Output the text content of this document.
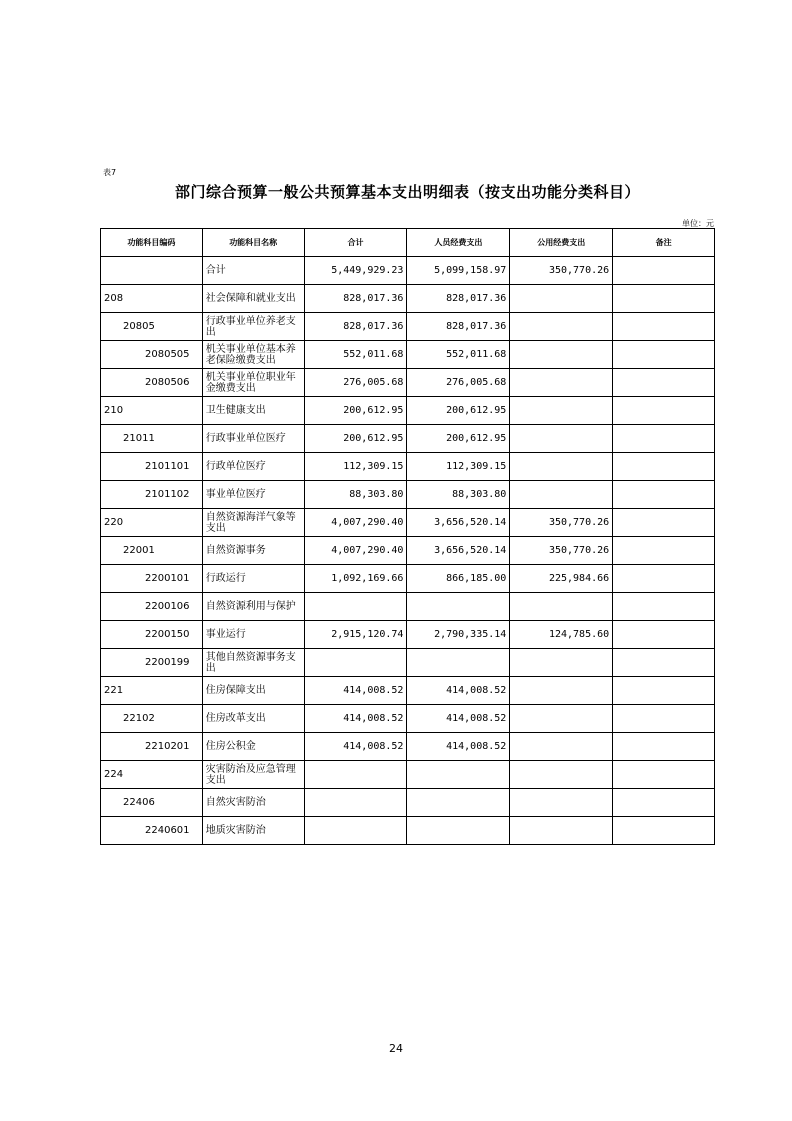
表7
部门综合预算一般公共预算基本支出明细表（按支出功能分类科目）
单位：元
功能科目编码	功能科目名称	合计	人员经费支出	公用经费支出	备注
	合计	5,449,929.23	5,099,158.97	350,770.26	
208	社会保障和就业支出	828,017.36	828,017.36		
20805	行政事业单位养老支出	828,017.36	828,017.36		
2080505	机关事业单位基本养老保险缴费支出	552,011.68	552,011.68		
2080506	机关事业单位职业年金缴费支出	276,005.68	276,005.68		
210	卫生健康支出	200,612.95	200,612.95		
21011	行政事业单位医疗	200,612.95	200,612.95		
2101101	行政单位医疗	112,309.15	112,309.15		
2101102	事业单位医疗	88,303.80	88,303.80		
220	自然资源海洋气象等支出	4,007,290.40	3,656,520.14	350,770.26	
22001	自然资源事务	4,007,290.40	3,656,520.14	350,770.26	
2200101	行政运行	1,092,169.66	866,185.00	225,984.66	
2200106	自然资源利用与保护				
2200150	事业运行	2,915,120.74	2,790,335.14	124,785.60	
2200199	其他自然资源事务支出				
221	住房保障支出	414,008.52	414,008.52		
22102	住房改革支出	414,008.52	414,008.52		
2210201	住房公积金	414,008.52	414,008.52		
224	灾害防治及应急管理支出				
22406	自然灾害防治				
2240601	地质灾害防治				
24
